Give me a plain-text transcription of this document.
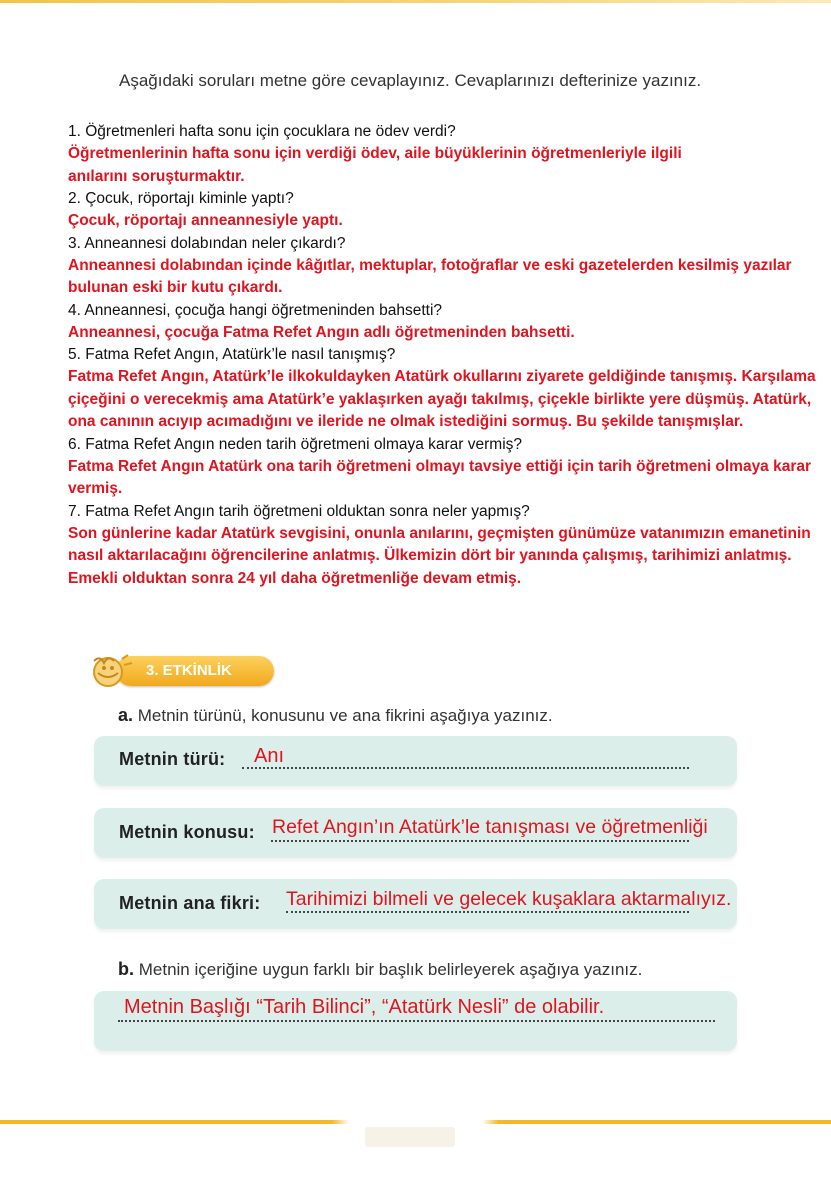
Aşağıdaki soruları metne göre cevaplayınız. Cevaplarınızı defterinize yazınız.

1. Öğretmenleri hafta sonu için çocuklara ne ödev verdi?

Öğretmenlerinin hafta sonu için verdiği ödev, aile büyüklerinin öğretmenleriyle ilgili anılarını soruşturmaktır.

2. Çocuk, röportajı kiminle yaptı?

Çocuk, röportajı anneannesiyle yaptı.

3. Anneannesi dolabından neler çıkardı?

Anneannesi dolabından içinde kâğıtlar, mektuplar, fotoğraflar ve eski gazetelerden kesilmiş yazılar bulunan eski bir kutu çıkardı.

4. Anneannesi, çocuğa hangi öğretmeninden bahsetti?

Anneannesi, çocuğa Fatma Refet Angın adlı öğretmeninden bahsetti.

5. Fatma Refet Angın, Atatürk’le nasıl tanışmış?

Fatma Refet Angın, Atatürk’le ilkokuldayken Atatürk okullarını ziyarete geldiğinde tanışmış. Karşılama çiçeğini o verecekmiş ama Atatürk’e yaklaşırken ayağı takılmış, çiçekle birlikte yere düşmüş. Atatürk, ona canının acıyıp acımadığını ve ileride ne olmak istediğini sormuş. Bu şekilde tanışmışlar.

6. Fatma Refet Angın neden tarih öğretmeni olmaya karar vermiş?

Fatma Refet Angın Atatürk ona tarih öğretmeni olmayı tavsiye ettiği için tarih öğretmeni olmaya karar vermiş.

7. Fatma Refet Angın tarih öğretmeni olduktan sonra neler yapmış?

Son günlerine kadar Atatürk sevgisini, onunla anılarını, geçmişten günümüze vatanımızın emanetinin nasıl aktarılacağını öğrencilerine anlatmış. Ülkemizin dört bir yanında çalışmış, tarihimizi anlatmış. Emekli olduktan sonra 24 yıl daha öğretmenliğe devam etmiş.

3. ETKİNLİK
a. Metnin türünü, konusunu ve ana fikrini aşağıya yazınız.
Metnin türü: Anı
Metnin konusu: Refet Angın’ın Atatürk’le tanışması ve öğretmenliği
Metnin ana fikri: Tarihimizi bilmeli ve gelecek kuşaklara aktarmalıyız.
b. Metnin içeriğine uygun farklı bir başlık belirleyerek aşağıya yazınız.
Metnin Başlığı “Tarih Bilinci”, “Atatürk Nesli” de olabilir.
